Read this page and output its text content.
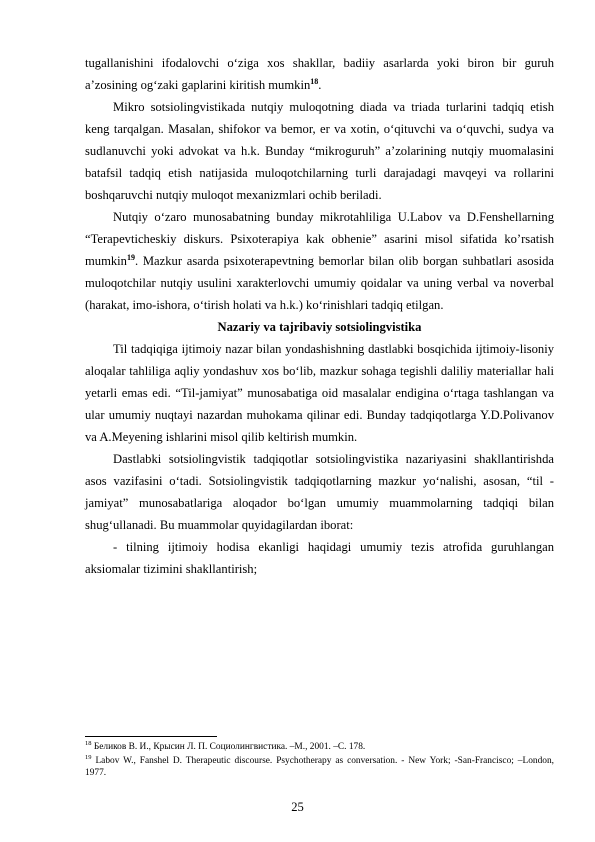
tugallanishini ifodalovchi o‘ziga xos shakllar, badiiy asarlarda yoki biron bir guruh a’zosining og‘zaki gaplarini kiritish mumkin$^{18}$.

Mikro sotsiolingvistikada nutqiy muloqotning diada va triada turlarini tadqiq etish keng tarqalgan. Masalan, shifokor va bemor, er va xotin, o‘qituvchi va o‘quvchi, sudya va sudlanuvchi yoki advokat va h.k. Bunday “mikroguruh” a’zolarining nutqiy muomalasini batafsil tadqiq etish natijasida muloqotchilarning turli darajadagi mavqeyi va rollarini boshqaruvchi nutqiy muloqot mexanizmlari ochib beriladi.

Nutqiy o‘zaro munosabatning bunday mikrotahliliga U.Labov va D.Fenshellarning “Terapevticheskiy diskurs. Psixoterapiya kak obhenie” asarini misol sifatida ko’rsatish mumkin$^{19}$. Mazkur asarda psixoterapevtning bemorlar bilan olib borgan suhbatlari asosida muloqotchilar nutqiy usulini xarakterlovchi umumiy qoidalar va uning verbal va noverbal (harakat, imo-ishora, o‘tirish holati va h.k.) ko‘rinishlari tadqiq etilgan.

Nazariy va tajribaviy sotsiolingvistika

Til tadqiqiga ijtimoiy nazar bilan yondashishning dastlabki bosqichida ijtimoiy-lisoniy aloqalar tahliliga aqliy yondashuv xos bo‘lib, mazkur sohaga tegishli daliliy materiallar hali yetarli emas edi. “Til-jamiyat” munosabatiga oid masalalar endigina o‘rtaga tashlangan va ular umumiy nuqtayi nazardan muhokama qilinar edi. Bunday tadqiqotlarga Y.D.Polivanov va A.Meyening ishlarini misol qilib keltirish mumkin.

Dastlabki sotsiolingvistik tadqiqotlar sotsiolingvistika nazariyasini shakllantirishda asos vazifasini o‘tadi. Sotsiolingvistik tadqiqotlarning mazkur yo‘nalishi, asosan, “til - jamiyat” munosabatlariga aloqador bo‘lgan umumiy muammolarning tadqiqi bilan shug‘ullanadi. Bu muammolar quyidagilardan iborat:

- tilning ijtimoiy hodisa ekanligi haqidagi umumiy tezis atrofida guruhlangan aksiomalar tizimini shakllantirish;

$^{18}$ Беликов В. И., Крысин Л. П. Социолингвистика. –М., 2001. –С. 178.

$^{19}$ Labov W., Fanshel D. Therapeutic discourse. Psychotherapy as conversation. - New York; -San-Francisco; –London, 1977.

25
